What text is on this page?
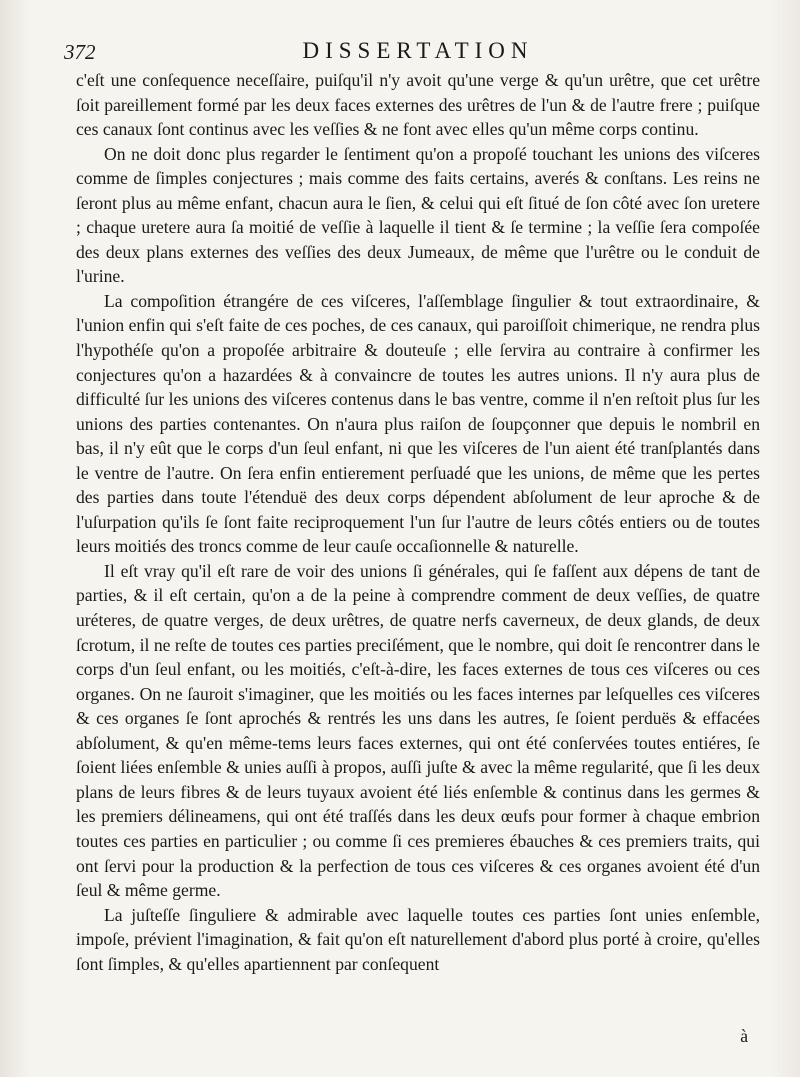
372	DISSERTATION

c'eſt une conſequence neceſſaire, puiſqu'il n'y avoit qu'une verge & qu'un urêtre, que cet urêtre ſoit pareillement formé par les deux faces externes des urêtres de l'un & de l'autre frere ; puiſque ces canaux ſont continus avec les veſſies & ne font avec elles qu'un même corps continu.

On ne doit donc plus regarder le ſentiment qu'on a propoſé touchant les unions des viſceres comme de ſimples conjectures ; mais comme des faits certains, averés & conſtans. Les reins ne ſeront plus au même enfant, chacun aura le ſien, & celui qui eſt ſitué de ſon côté avec ſon uretere ; chaque uretere aura ſa moitié de veſſie à laquelle il tient & ſe termine ; la veſſie ſera compoſée des deux plans externes des veſſies des deux Jumeaux, de même que l'urêtre ou le conduit de l'urine.

La compoſition étrangére de ces viſceres, l'aſſemblage ſingulier & tout extraordinaire, & l'union enfin qui s'eſt faite de ces poches, de ces canaux, qui paroiſſoit chimerique, ne rendra plus l'hypothéſe qu'on a propoſée arbitraire & douteuſe ; elle ſervira au contraire à confirmer les conjectures qu'on a hazardées & à convaincre de toutes les autres unions. Il n'y aura plus de difficulté ſur les unions des viſceres contenus dans le bas ventre, comme il n'en reſtoit plus ſur les unions des parties contenantes. On n'aura plus raiſon de ſoupçonner que depuis le nombril en bas, il n'y eût que le corps d'un ſeul enfant, ni que les viſceres de l'un aient été tranſplantés dans le ventre de l'autre. On ſera enfin entierement perſuadé que les unions, de même que les pertes des parties dans toute l'étenduë des deux corps dépendent abſolument de leur aproche & de l'uſurpation qu'ils ſe ſont faite reciproquement l'un ſur l'autre de leurs côtés entiers ou de toutes leurs moitiés des troncs comme de leur cauſe occaſionnelle & naturelle.

Il eſt vray qu'il eſt rare de voir des unions ſi générales, qui ſe faſſent aux dépens de tant de parties, & il eſt certain, qu'on a de la peine à comprendre comment de deux veſſies, de quatre uréteres, de quatre verges, de deux urêtres, de quatre nerfs caverneux, de deux glands, de deux ſcrotum, il ne reſte de toutes ces parties preciſément, que le nombre, qui doit ſe rencontrer dans le corps d'un ſeul enfant, ou les moitiés, c'eſt-à-dire, les faces externes de tous ces viſceres ou ces organes. On ne ſauroit s'imaginer, que les moitiés ou les faces internes par leſquelles ces viſceres & ces organes ſe ſont aprochés & rentrés les uns dans les autres, ſe ſoient perduës & effacées abſolument, & qu'en même-tems leurs faces externes, qui ont été conſervées toutes entiéres, ſe ſoient liées enſemble & unies auſſi à propos, auſſi juſte & avec la même regularité, que ſi les deux plans de leurs fibres & de leurs tuyaux avoient été liés enſemble & continus dans les germes & les premiers délineamens, qui ont été traſſés dans les deux œufs pour former à chaque embrion toutes ces parties en particulier ; ou comme ſi ces premieres ébauches & ces premiers traits, qui ont ſervi pour la production & la perfection de tous ces viſceres & ces organes avoient été d'un ſeul & même germe.

La juſteſſe ſinguliere & admirable avec laquelle toutes ces parties ſont unies enſemble, impoſe, prévient l'imagination, & fait qu'on eſt naturellement d'abord plus porté à croire, qu'elles ſont ſimples, & qu'elles apartiennent par conſequent

à
